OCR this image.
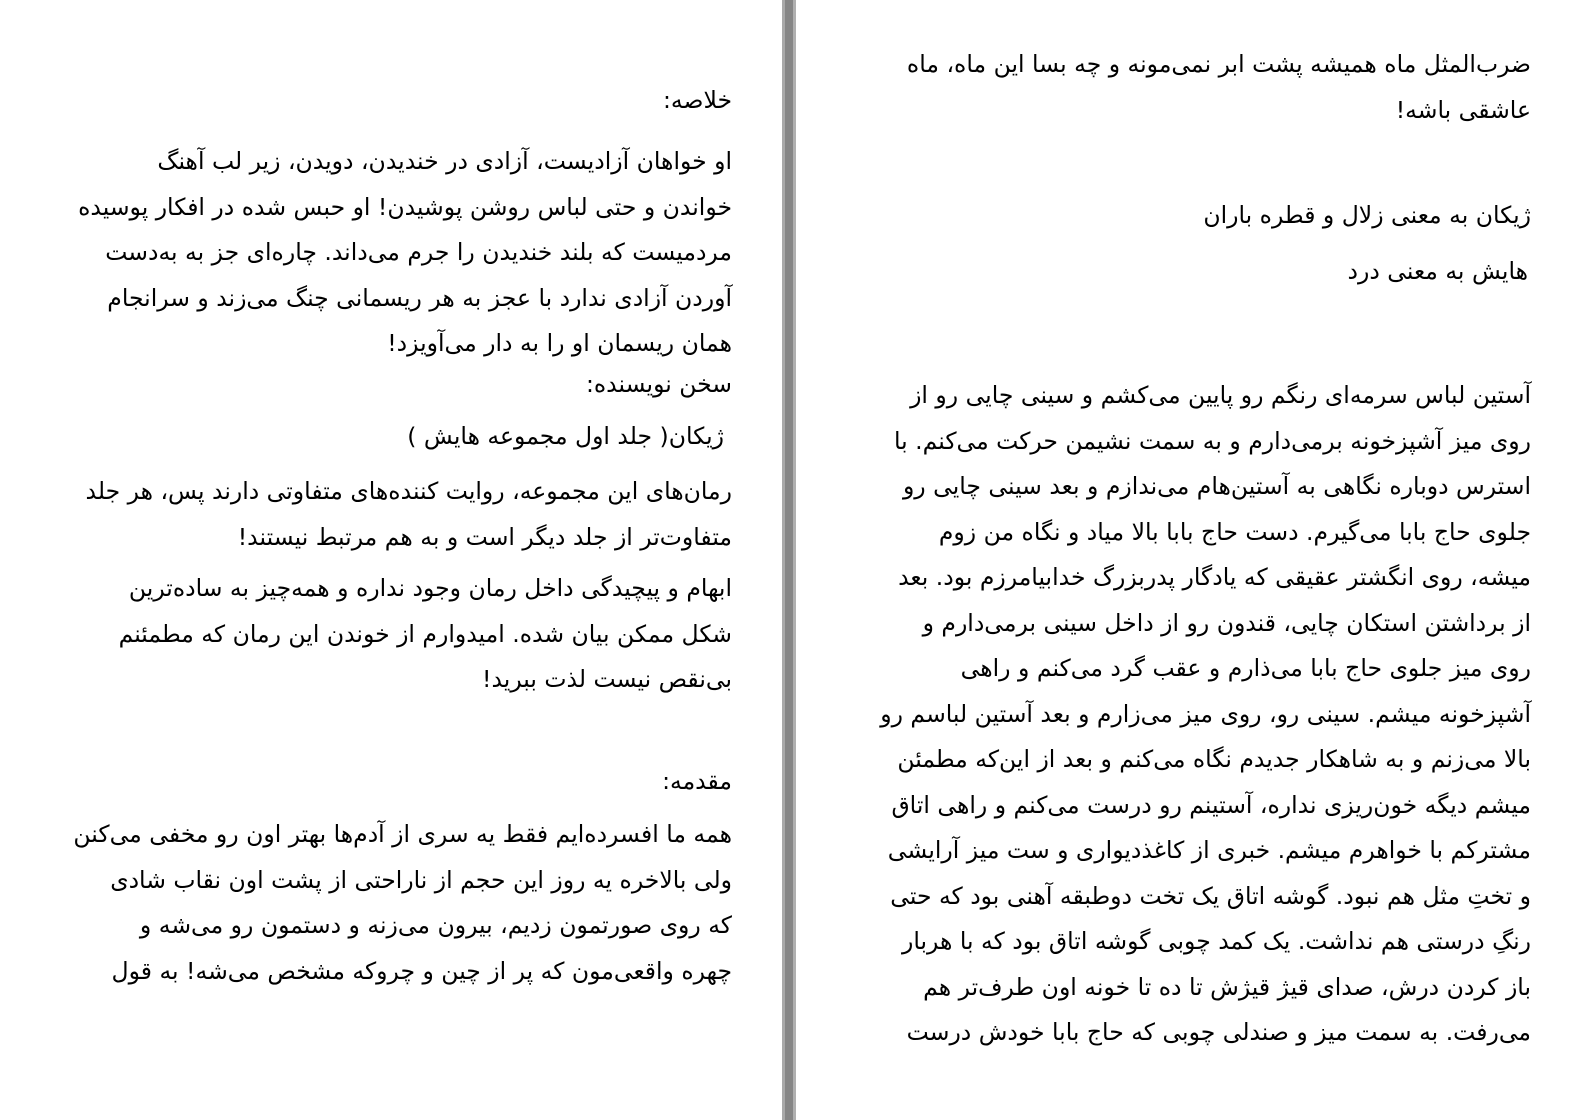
خلاصه:
او خواهان آزادیست، آزادی در خندیدن، دویدن، زیر لب آهنگ
خواندن و حتی لباس روشن پوشیدن! او حبس شده در افکار پوسیده
مردمیست که بلند خندیدن را جرم می‌داند. چاره‌ای جز به به‌دست
آوردن آزادی ندارد با عجز به هر ریسمانی چنگ می‌زند و سرانجام
همان ریسمان او را به دار می‌آویزد!
سخن نویسنده:
ژیکان( جلد اول مجموعه هایش )
رمان‌های این مجموعه، روایت کننده‌های متفاوتی دارند پس، هر جلد
متفاوت‌تر از جلد دیگر است و به هم مرتبط نیستند!
ابهام و پیچیدگی داخل رمان وجود نداره و همه‌چیز به ساده‌ترین
شکل ممکن بیان شده. امیدوارم از خوندن این رمان که مطمئنم
بی‌نقص نیست لذت ببرید!
مقدمه:
همه ما افسرده‌ایم فقط یه سری از آدم‌ها بهتر اون رو مخفی می‌کنن
ولی بالاخره یه روز این حجم از ناراحتی از پشت اون نقاب شادی
که روی صورتمون زدیم، بیرون می‌زنه و دستمون رو می‌شه و
چهره واقعی‌مون که پر از چین و چروکه مشخص می‌شه! به قول
ضرب‌المثل ماه همیشه پشت ابر نمی‌مونه و چه بسا این ماه، ماه
عاشقی باشه!
ژیکان به معنی زلال و قطره باران
هایش به معنی درد
آستین لباس سرمه‌ای رنگم رو پایین می‌کشم و سینی چایی رو از
روی میز آشپزخونه برمی‌دارم و به سمت نشیمن حرکت می‌کنم. با
استرس دوباره نگاهی به آستین‌هام می‌ندازم و بعد سینی چایی رو
جلوی حاج بابا می‌گیرم. دست حاج بابا بالا میاد و نگاه من زوم
میشه، روی انگشتر عقیقی که یادگار پدربزرگ خدابیامرزم بود. بعد
از برداشتن استکان چایی، قندون رو از داخل سینی برمی‌دارم و
روی میز جلوی حاج بابا می‌ذارم و عقب گرد می‌کنم و راهی
آشپزخونه میشم. سینی رو، روی میز می‌زارم و بعد آستین لباسم رو
بالا می‌زنم و به شاهکار جدیدم نگاه می‌کنم و بعد از این‌که مطمئن
میشم دیگه خون‌ریزی نداره، آستینم رو درست می‌کنم و راهی اتاق
مشترکم با خواهرم میشم. خبری از کاغذدیواری و ست میز آرایشی
و تختِ مثل هم نبود. گوشه اتاق یک تخت دوطبقه آهنی بود که حتی
رنگِ درستی هم نداشت. یک کمد چوبی گوشه اتاق بود که با هربار
باز کردن درش، صدای قیژ قیژش تا ده تا خونه اون طرف‌تر هم
می‌رفت. به سمت میز و صندلی چوبی که حاج بابا خودش درست
